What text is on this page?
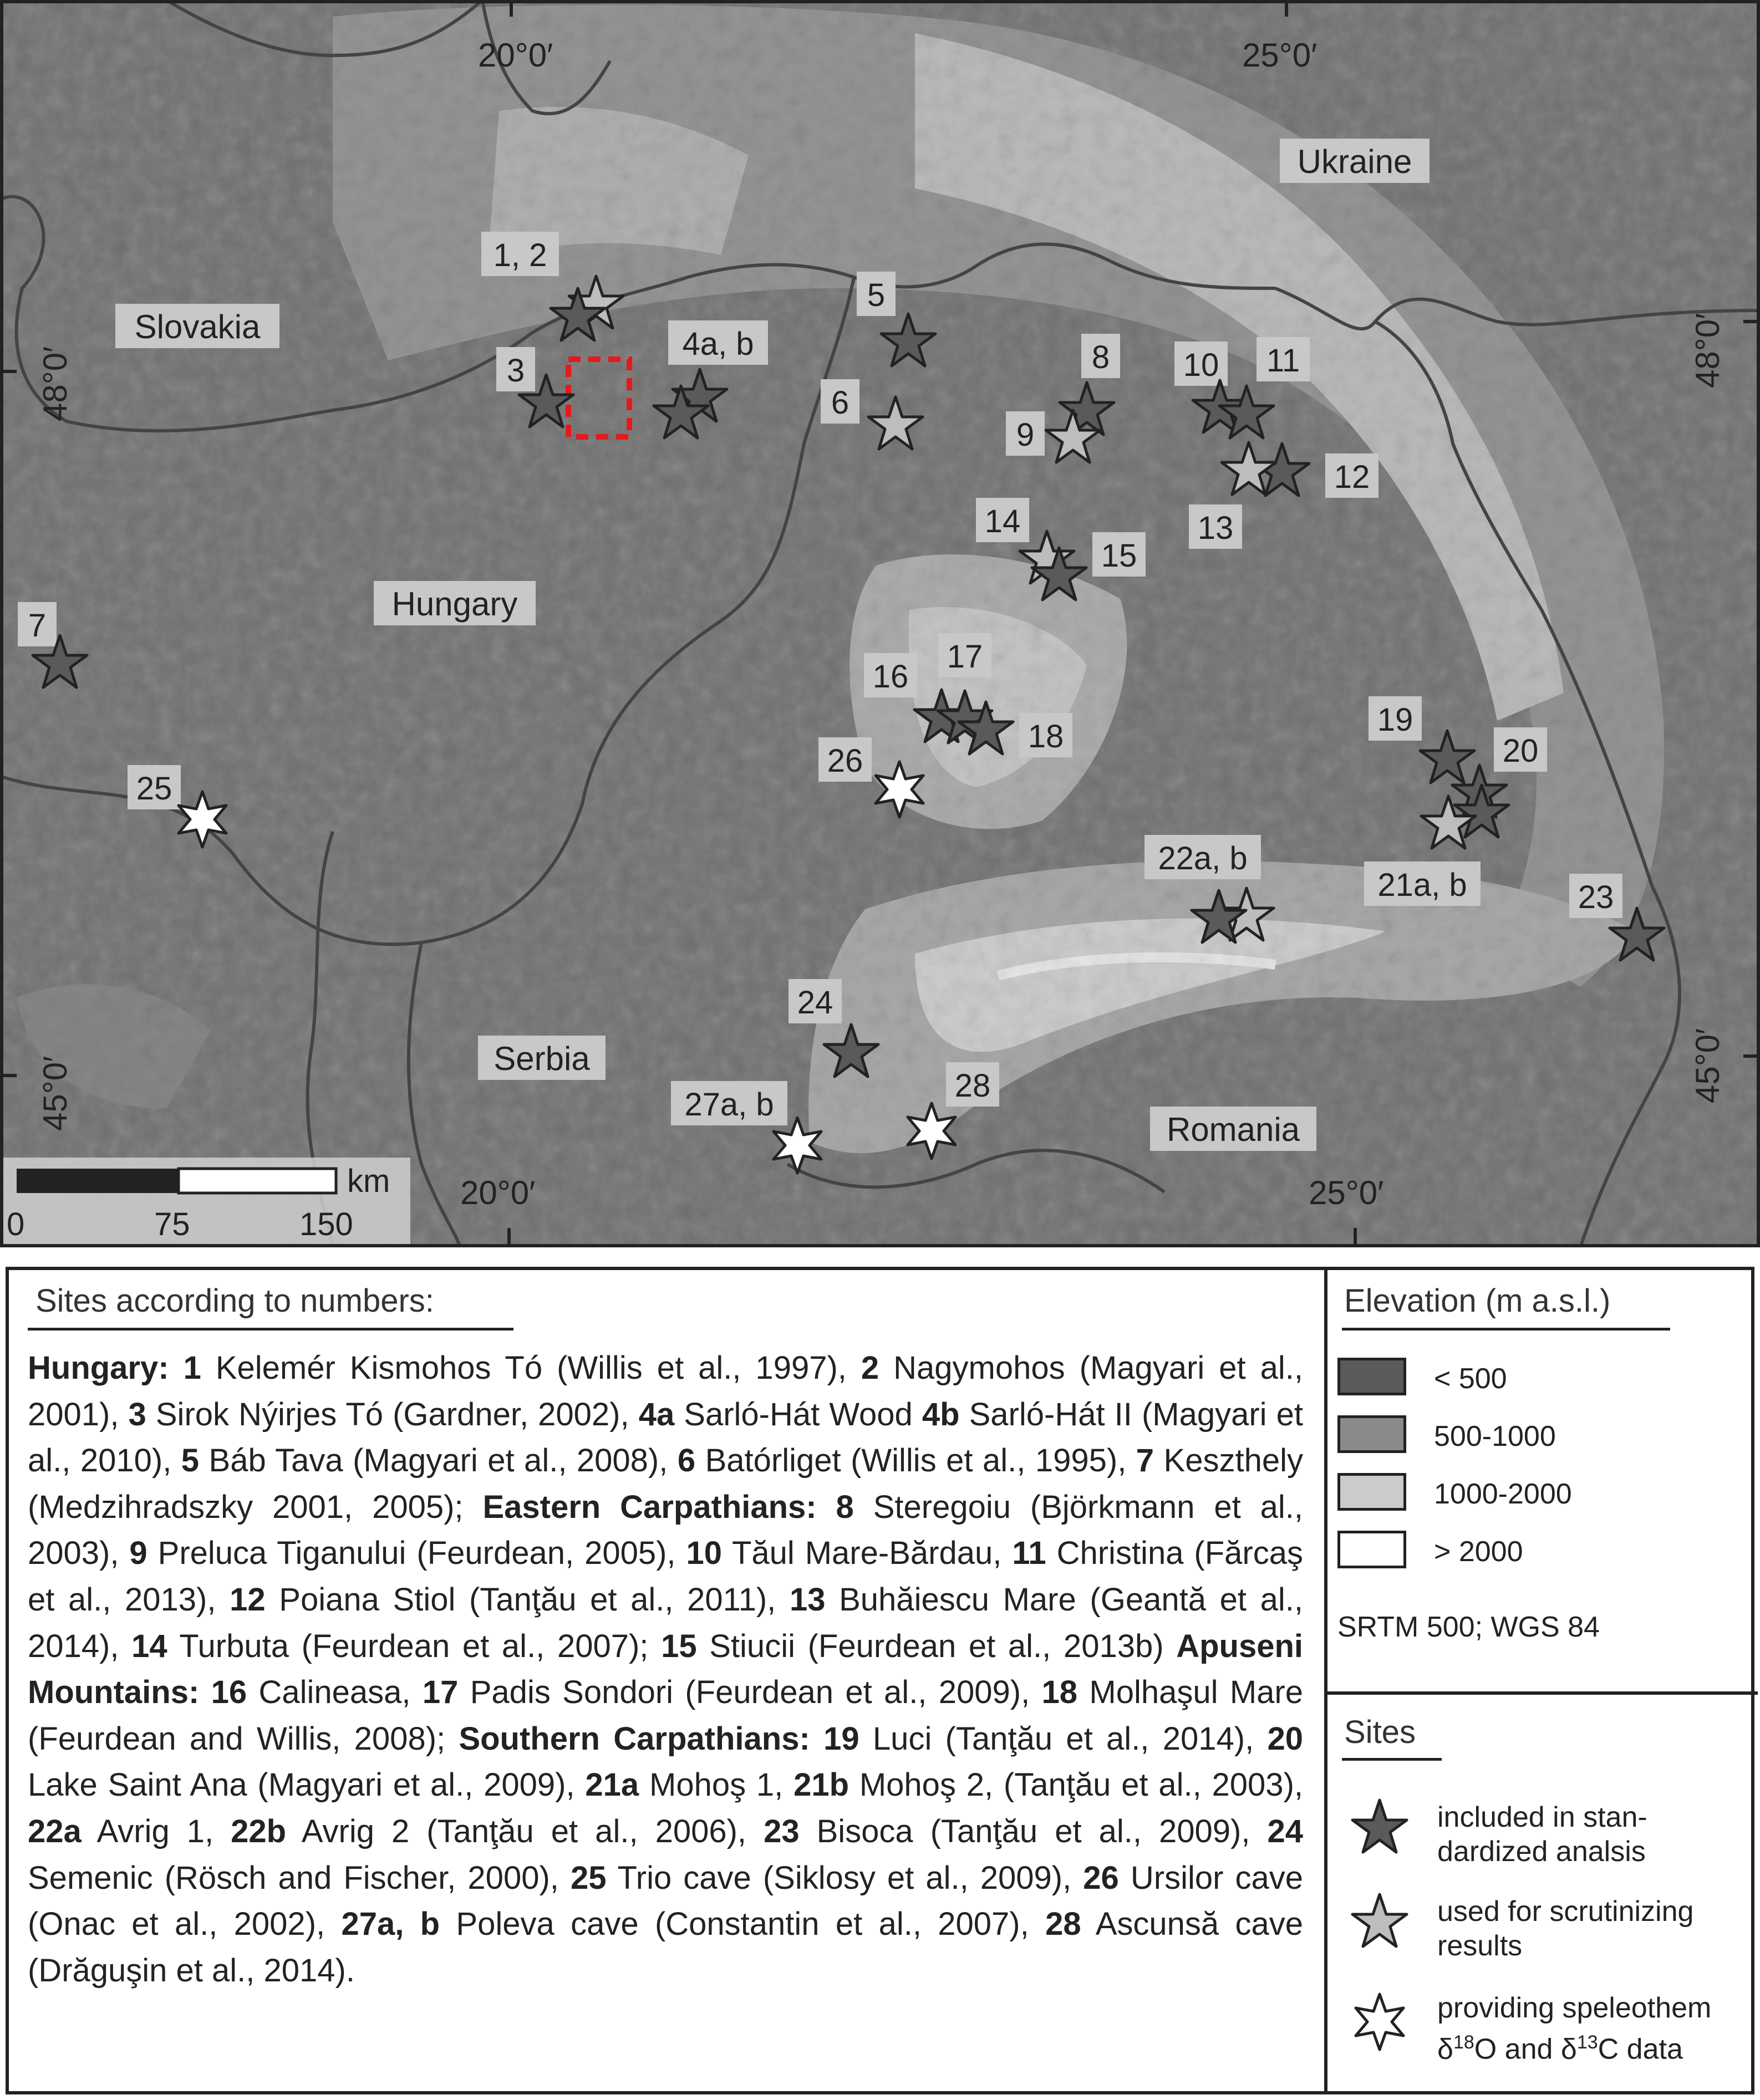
20°0′	25°0′
20°0′	25°0′
48°0′
45°0′
48°0′
45°0′
Ukraine
Slovakia
Hungary
Serbia
Romania
1, 2
3
4a, b
5
6
7
8
9
10 11
12
13
14
15
16
17
18	19
20
21a, b
22a, b
23
24
25
26
27a, b
28
km
0	75	150
Sites according to numbers:
Hungary: 1 Kelemér Kismohos Tó (Willis et al., 1997), 2 Nagymohos (Magyari et al., 2001), 3 Sirok Nýirjes Tó (Gardner, 2002), 4a Sarló-Hát Wood 4b Sarló-Hát II (Magyari et al., 2010), 5 Báb Tava (Magyari et al., 2008), 6 Batórliget (Willis et al., 1995), 7 Keszthely (Medzihradszky 2001, 2005); Eastern Carpathians: 8 Steregoiu (Björkmann et al., 2003), 9 Preluca Tiganului (Feurdean, 2005), 10 Tăul Mare-Bărdau, 11 Christina (Fărcaş et al., 2013), 12 Poiana Stiol (Tanţău et al., 2011), 13 Buhăiescu Mare (Geantă et al., 2014), 14 Turbuta (Feurdean et al., 2007); 15 Stiucii (Feurdean et al., 2013b) Apuseni Mountains: 16 Calineasa, 17 Padis Sondori (Feurdean et al., 2009), 18 Molhaşul Mare (Feurdean and Willis, 2008); Southern Carpathians: 19 Luci (Tanţău et al., 2014), 20 Lake Saint Ana (Magyari et al., 2009), 21a Mohoş 1, 21b Mohoş 2, (Tanţău et al., 2003), 22a Avrig 1, 22b Avrig 2 (Tanţău et al., 2006), 23 Bisoca (Tanţău et al., 2009), 24 Semenic (Rösch and Fischer, 2000), 25 Trio cave (Siklosy et al., 2009), 26 Ursilor cave (Onac et al., 2002), 27a, b Poleva cave (Constantin et al., 2007), 28 Ascunsă cave (Drăguşin et al., 2014).
Elevation (m a.s.l.)
< 500
500-1000
1000-2000
> 2000
SRTM 500; WGS 84
Sites
included in stan-
dardized analsis
used for scrutinizing
results
providing speleothem
$\delta^{18}O$ and $\delta^{13}C$ data
